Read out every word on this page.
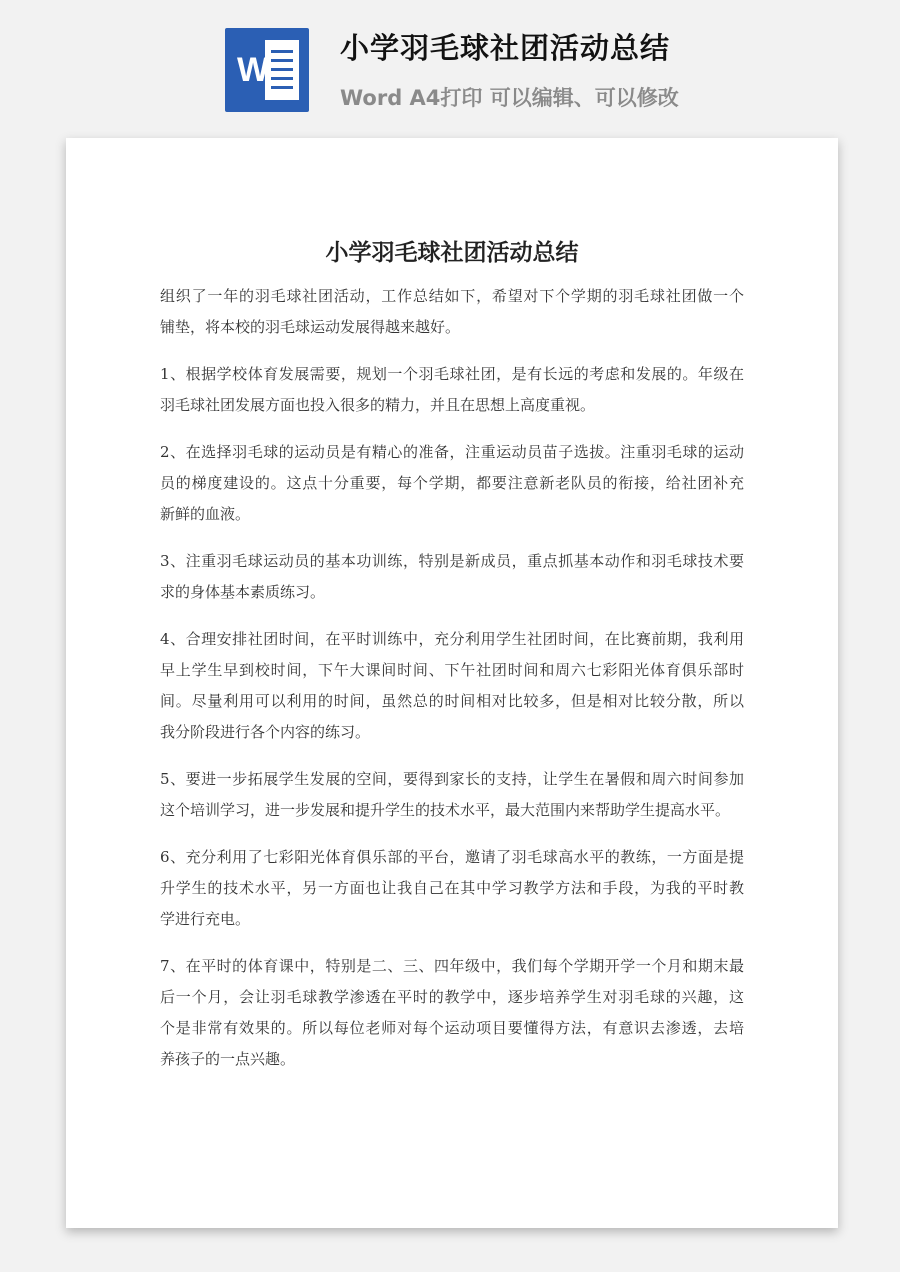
W
小学羽毛球社团活动总结
Word A4打印 可以编辑、可以修改
小学羽毛球社团活动总结
组织了一年的羽毛球社团活动，工作总结如下，希望对下个学期的羽毛球社团做一个
铺垫，将本校的羽毛球运动发展得越来越好。
1、根据学校体育发展需要，规划一个羽毛球社团，是有长远的考虑和发展的。年级在
羽毛球社团发展方面也投入很多的精力，并且在思想上高度重视。
2、在选择羽毛球的运动员是有精心的准备，注重运动员苗子选拔。注重羽毛球的运动
员的梯度建设的。这点十分重要，每个学期，都要注意新老队员的衔接，给社团补充
新鲜的血液。
3、注重羽毛球运动员的基本功训练，特别是新成员，重点抓基本动作和羽毛球技术要
求的身体基本素质练习。
4、合理安排社团时间，在平时训练中，充分利用学生社团时间，在比赛前期，我利用
早上学生早到校时间，下午大课间时间、下午社团时间和周六七彩阳光体育俱乐部时
间。尽量利用可以利用的时间，虽然总的时间相对比较多，但是相对比较分散，所以
我分阶段进行各个内容的练习。
5、要进一步拓展学生发展的空间，要得到家长的支持，让学生在暑假和周六时间参加
这个培训学习，进一步发展和提升学生的技术水平，最大范围内来帮助学生提高水平。
6、充分利用了七彩阳光体育俱乐部的平台，邀请了羽毛球高水平的教练，一方面是提
升学生的技术水平，另一方面也让我自己在其中学习教学方法和手段，为我的平时教
学进行充电。
7、在平时的体育课中，特别是二、三、四年级中，我们每个学期开学一个月和期末最
后一个月，会让羽毛球教学渗透在平时的教学中，逐步培养学生对羽毛球的兴趣，这
个是非常有效果的。所以每位老师对每个运动项目要懂得方法，有意识去渗透，去培
养孩子的一点兴趣。
